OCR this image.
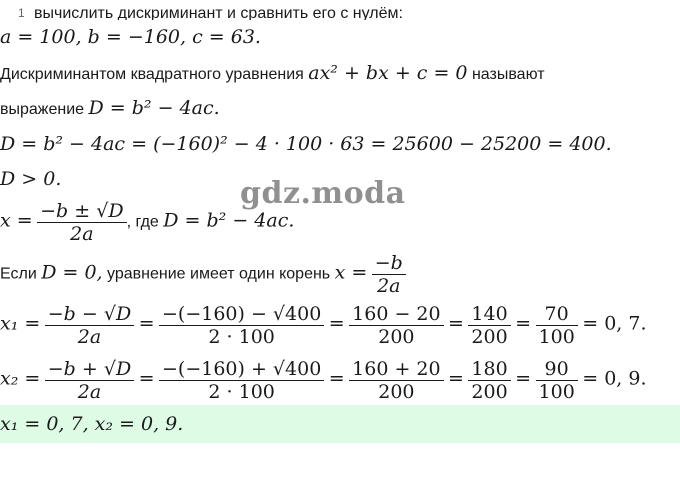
1 вычислить дискриминант и сравнить его с нулём:
a = 100, b = −160, c = 63.
Дискриминантом квадратного уравнения ax² + bx + c = 0 называют
выражение D = b² − 4ac.
D = b² − 4ac = (−160)² − 4 · 100 · 63 = 25600 − 25200 = 400.
D > 0.	gdz.moda
$x = \frac{-b \pm √D}{2a}$ , где D = b² − 4ac.
Если D = 0, уравнение имеет один корень $x = \frac{-b}{2a}$
$x_1 = \frac{-b - √D}{2a} = \frac{-(-160) - √400}{2 \cdot 100} = \frac{160 - 20}{200} = \frac{140}{200} = \frac{70}{100} = 0$, 7.
$x_2 = \frac{-b + √D}{2a} = \frac{-(-160) + √400}{2 \cdot 100} = \frac{160 + 20}{200} = \frac{180}{200} = \frac{90}{100} = 0$, 9.
x₁ = 0, 7, x₂ = 0, 9.
